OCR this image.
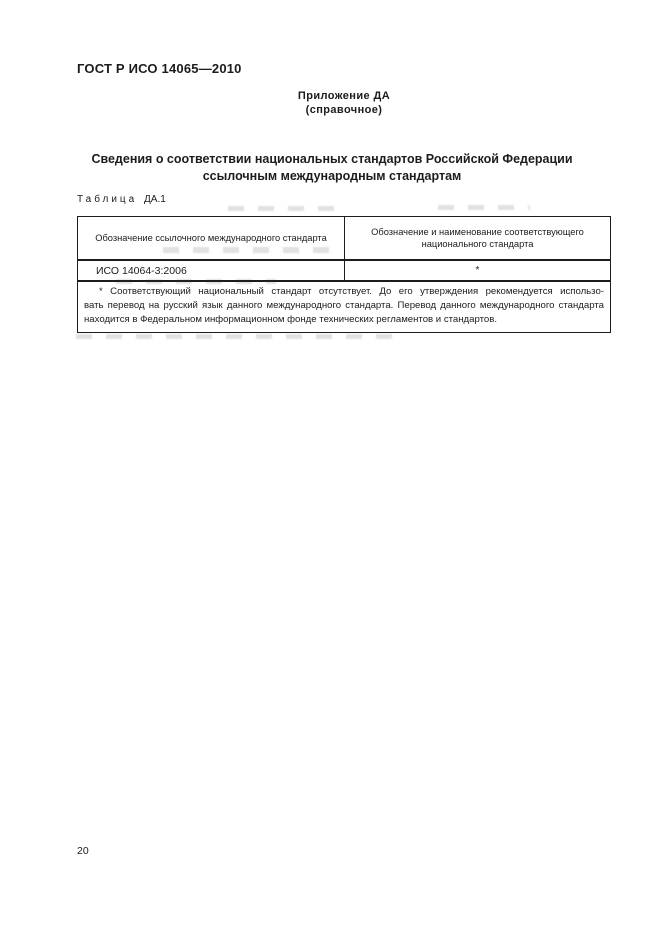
ГОСТ Р ИСО 14065—2010
Приложение ДА
(справочное)
Сведения о соответствии национальных стандартов Российской Федерации
ссылочным международным стандартам
Таблица ДА.1
Обозначение ссылочного международного стандарта
Обозначение и наименование соответствующего национального стандарта
ИСО 14064-3:2006	*
* Соответствующий национальный стандарт отсутствует. До его утверждения рекомендуется использо-
вать перевод на русский язык данного международного стандарта. Перевод данного международного стандарта
находится в Федеральном информационном фонде технических регламентов и стандартов.
20
